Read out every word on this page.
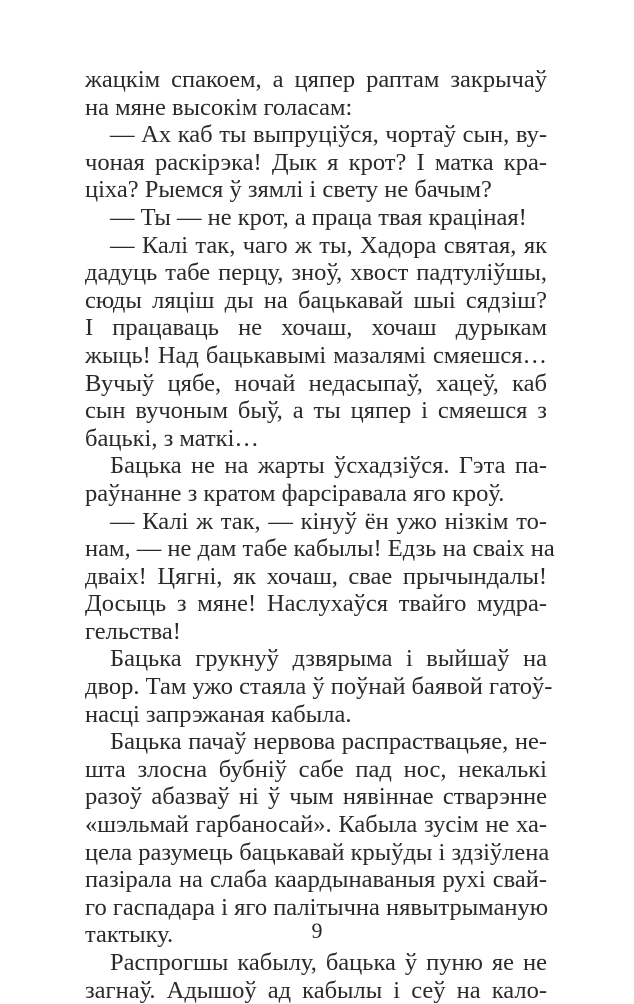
жацкім спакоем, а цяпер раптам закрычаў
на мяне высокім голасам:
— Ах каб ты выпруціўся, чортаў сын, ву-
чоная раскірэка! Дык я крот? І матка кра-
ціха? Рыемся ў зямлі і свету не бачым?
— Ты — не крот, а праца твая крацiная!
— Калі так, чаго ж ты, Хадора святая, як
дадуць табе перцу, зноў, хвост падтуліўшы,
сюды ляціш ды на бацькавай шыі сядзіш?
І працаваць не хочаш, хочаш дурыкам
жыць! Над бацькавымі мазалямі смяешся…
Вучыў цябе, ночай недасыпаў, хацеў, каб
сын вучоным быў, а ты цяпер і смяешся з
бацькі, з маткі…
Бацька не на жарты ўсхадзіўся. Гэта па-
раўнанне з кратом фарсіравала яго кроў.
— Калі ж так, — кінуў ён ужо нізкім то-
нам, — не дам табе кабылы! Едзь на сваіх на
дваіх! Цягні, як хочаш, свае прычындалы!
Досыць з мяне! Наслухаўся твайго мудра-
гельства!
Бацька грукнуў дзвярыма і выйшаў на
двор. Там ужо стаяла ў поўнай баявой гатоў-
насці запрэжаная кабыла.
Бацька пачаў нервова распраствацьяе, не-
шта злосна бубніў сабе пад нос, некалькі
разоў абазваў ні ў чым нявіннае стварэнне
«шэльмай гарбаносай». Кабыла зусім не ха-
цела разумець бацькавай крыўды і здзіўлена
пазірала на слаба каардынаваныя рухі свай-
го гаспадара і яго палітычна нявытрыманую
тактыку.
Распрогшы кабылу, бацька ў пуню яе не
загнаў. Адышоў ад кабылы і сеў на кало-
9
